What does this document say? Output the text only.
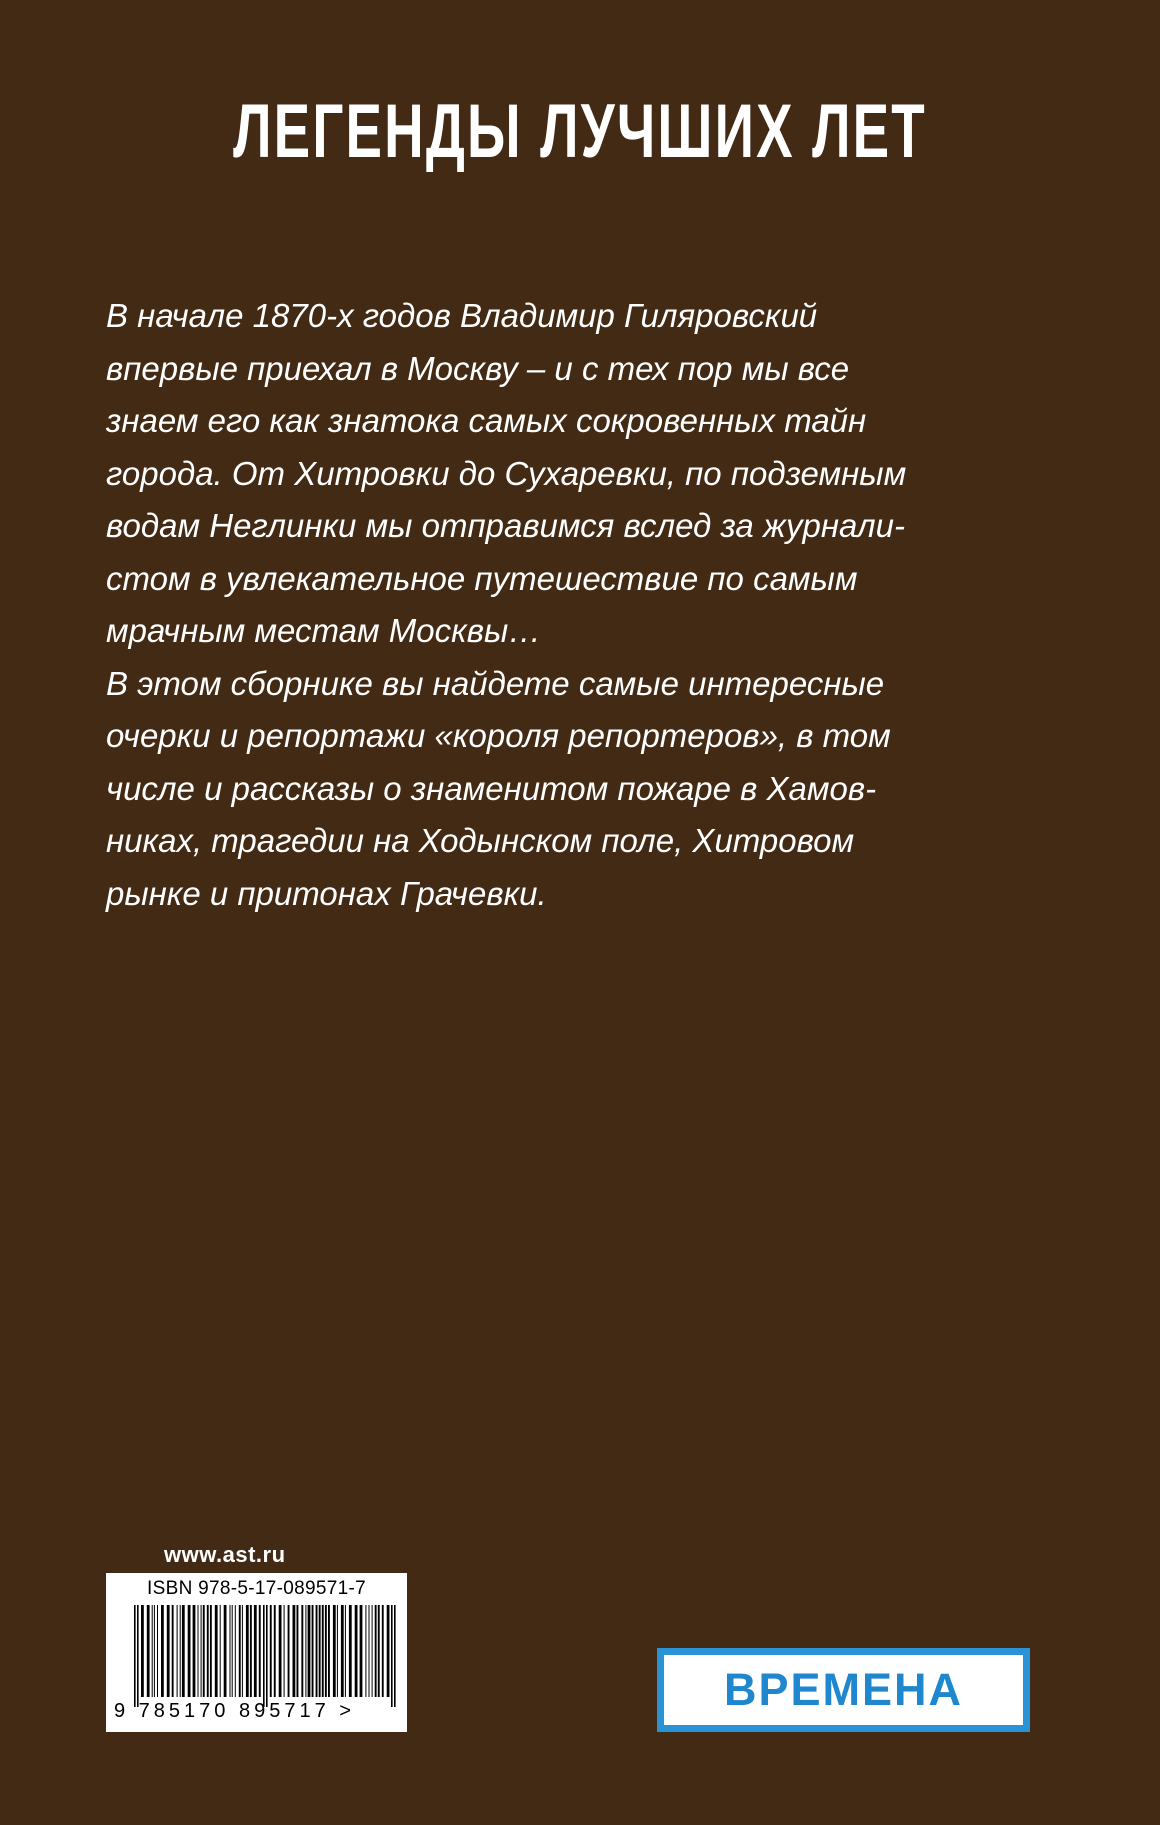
ЛЕГЕНДЫ ЛУЧШИХ ЛЕТ
В начале 1870-х годов Владимир Гиляровский
впервые приехал в Москву – и с тех пор мы все
знаем его как знатока самых сокровенных тайн
города. От Хитровки до Сухаревки, по подземным
водам Неглинки мы отправимся вслед за журнали-
стом в увлекательное путешествие по самым
мрачным местам Москвы…
В этом сборнике вы найдете самые интересные
очерки и репортажи «короля репортеров», в том
числе и рассказы о знаменитом пожаре в Хамов-
никах, трагедии на Ходынском поле, Хитровом
рынке и притонах Грачевки.
www.ast.ru
ISBN 978-5-17-089571-7
9 785170 895717 >	ВРЕМЕНА
